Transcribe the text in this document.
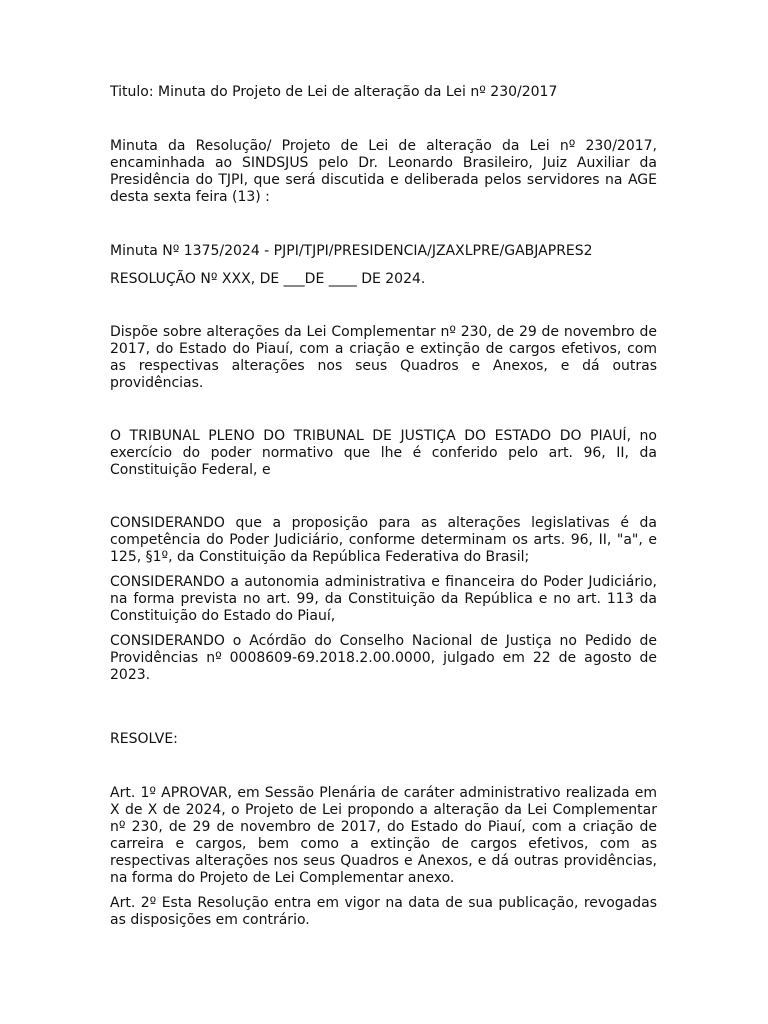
Titulo: Minuta do Projeto de Lei de alteração da Lei nº 230/2017

Minuta da Resolução/ Projeto de Lei de alteração da Lei nº 230/2017, encaminhada ao SINDSJUS pelo Dr. Leonardo Brasileiro, Juiz Auxiliar da Presidência do TJPI, que será discutida e deliberada pelos servidores na AGE desta sexta feira (13) :

Minuta Nº 1375/2024 - PJPI/TJPI/PRESIDENCIA/JZAXLPRE/GABJAPRES2

RESOLUÇÃO Nº XXX, DE ___DE ____ DE 2024.

Dispõe sobre alterações da Lei Complementar nº 230, de 29 de novembro de 2017, do Estado do Piauí, com a criação e extinção de cargos efetivos, com as respectivas alterações nos seus Quadros e Anexos, e dá outras providências.

O TRIBUNAL PLENO DO TRIBUNAL DE JUSTIÇA DO ESTADO DO PIAUÍ, no exercício do poder normativo que lhe é conferido pelo art. 96, II, da Constituição Federal, e

CONSIDERANDO que a proposição para as alterações legislativas é da competência do Poder Judiciário, conforme determinam os arts. 96, II, "a", e 125, §1º, da Constituição da República Federativa do Brasil;

CONSIDERANDO a autonomia administrativa e financeira do Poder Judiciário, na forma prevista no art. 99, da Constituição da República e no art. 113 da Constituição do Estado do Piauí,

CONSIDERANDO o Acórdão do Conselho Nacional de Justiça no Pedido de Providências nº 0008609-69.2018.2.00.0000, julgado em 22 de agosto de 2023.

RESOLVE:

Art. 1º APROVAR, em Sessão Plenária de caráter administrativo realizada em X de X de 2024, o Projeto de Lei propondo a alteração da Lei Complementar nº 230, de 29 de novembro de 2017, do Estado do Piauí, com a criação de carreira e cargos, bem como a extinção de cargos efetivos, com as respectivas alterações nos seus Quadros e Anexos, e dá outras providências, na forma do Projeto de Lei Complementar anexo.

Art. 2º Esta Resolução entra em vigor na data de sua publicação, revogadas as disposições em contrário.
